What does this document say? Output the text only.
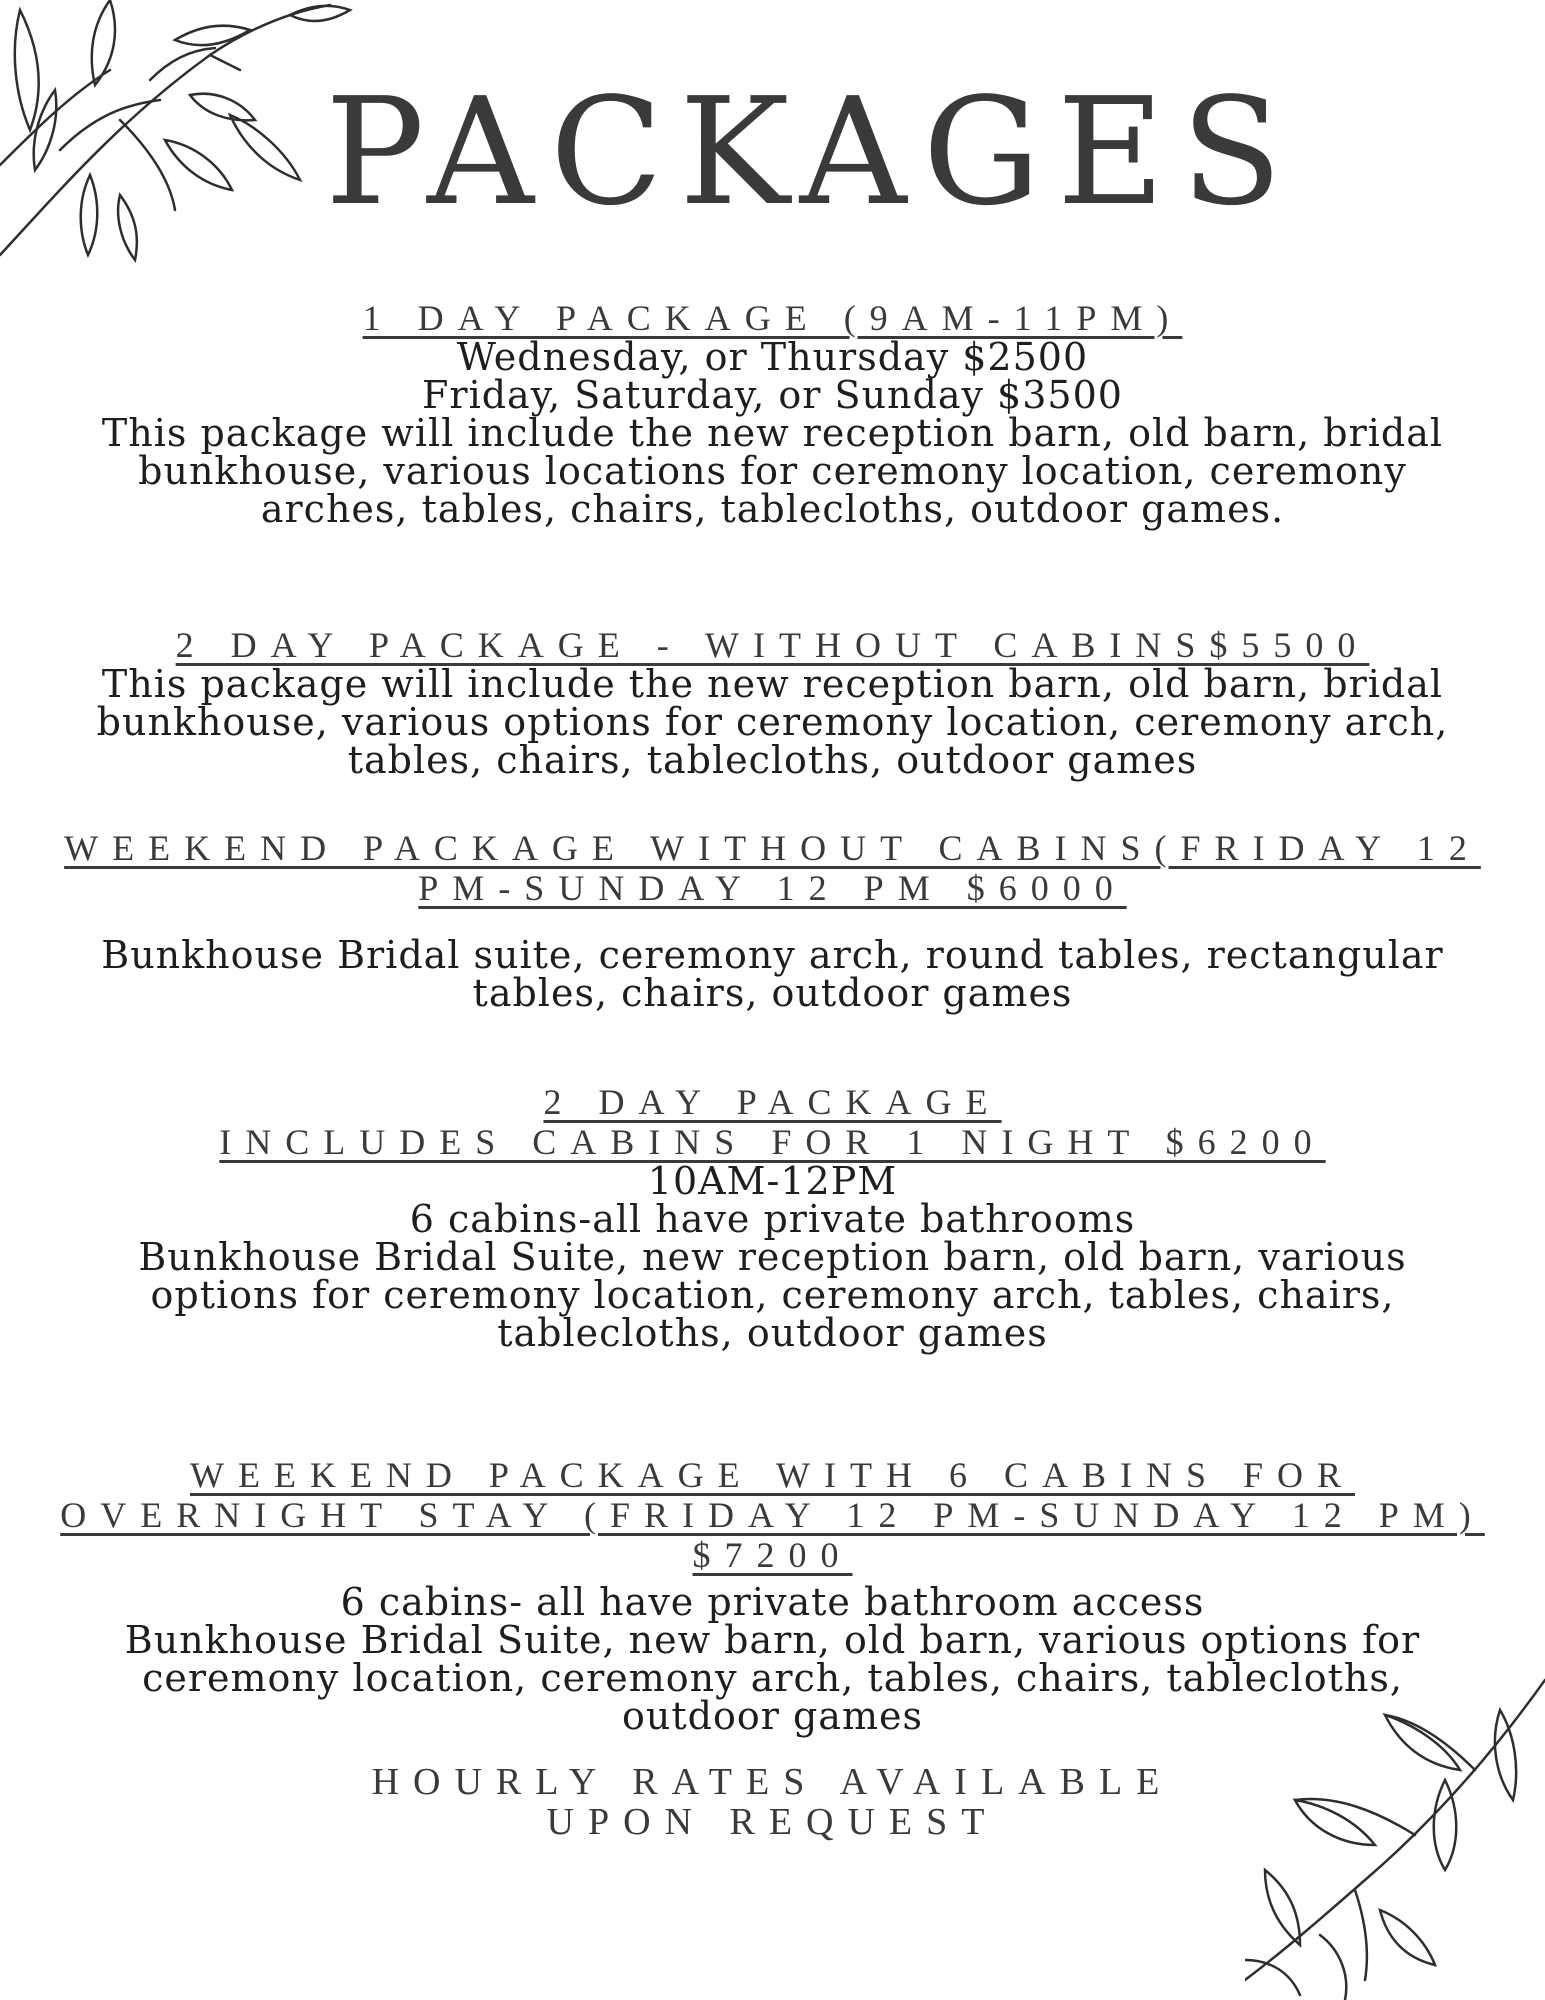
PACKAGES
1 DAY PACKAGE (9AM-11PM)
Wednesday, or Thursday $2500
Friday, Saturday, or Sunday $3500
This package will include the new reception barn, old barn, bridal
bunkhouse, various locations for ceremony location, ceremony
arches, tables, chairs, tablecloths, outdoor games.
2 DAY PACKAGE - WITHOUT CABINS$5500
This package will include the new reception barn, old barn, bridal
bunkhouse, various options for ceremony location, ceremony arch,
tables, chairs, tablecloths, outdoor games
WEEKEND PACKAGE WITHOUT CABINS(FRIDAY 12
PM-SUNDAY 12 PM $6000
Bunkhouse Bridal suite, ceremony arch, round tables, rectangular
tables, chairs, outdoor games
2 DAY PACKAGE
INCLUDES CABINS FOR 1 NIGHT $6200
10AM-12PM
6 cabins-all have private bathrooms
Bunkhouse Bridal Suite, new reception barn, old barn, various
options for ceremony location, ceremony arch, tables, chairs,
tablecloths, outdoor games
WEEKEND PACKAGE WITH 6 CABINS FOR
OVERNIGHT STAY (FRIDAY 12 PM-SUNDAY 12 PM)
$7200
6 cabins- all have private bathroom access
Bunkhouse Bridal Suite, new barn, old barn, various options for
ceremony location, ceremony arch, tables, chairs, tablecloths,
outdoor games
HOURLY RATES AVAILABLE
UPON REQUEST
